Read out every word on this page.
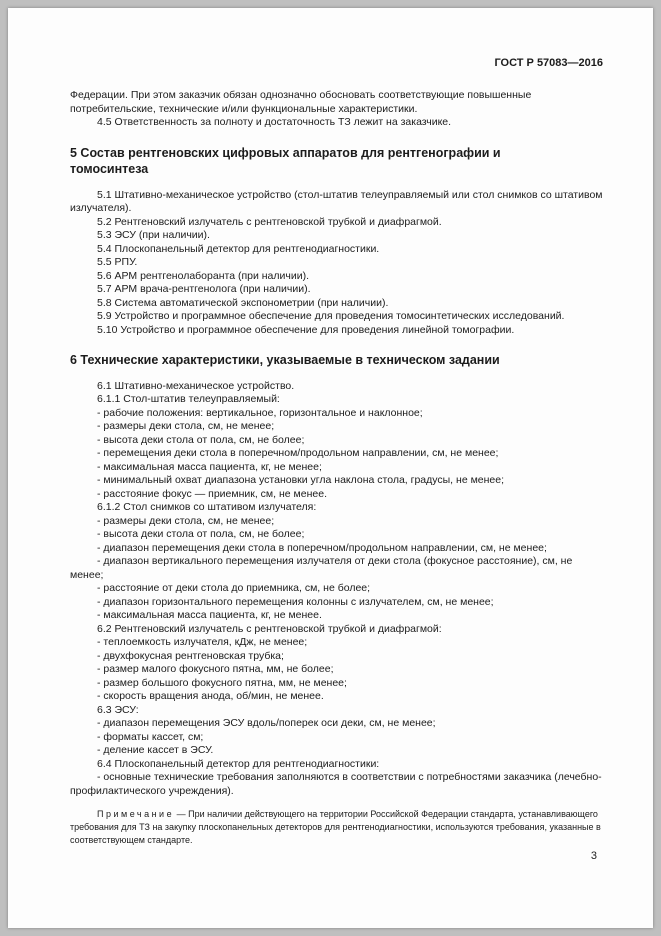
ГОСТ Р 57083—2016

Федерации. При этом заказчик обязан однозначно обосновать соответствующие повышенные потребительские, технические и/или функциональные характеристики.

4.5 Ответственность за полноту и достаточность ТЗ лежит на заказчике.

5 Состав рентгеновских цифровых аппаратов для рентгенографии и томосинтеза

5.1 Штативно-механическое устройство (стол-штатив телеуправляемый или стол снимков со штативом излучателя).

5.2 Рентгеновский излучатель с рентгеновской трубкой и диафрагмой.

5.3 ЭСУ (при наличии).

5.4 Плоскопанельный детектор для рентгенодиагностики.

5.5 РПУ.

5.6 АРМ рентгенолаборанта (при наличии).

5.7 АРМ врача-рентгенолога (при наличии).

5.8 Система автоматической экспонометрии (при наличии).

5.9 Устройство и программное обеспечение для проведения томосинтетических исследований.

5.10 Устройство и программное обеспечение для проведения линейной томографии.

6 Технические характеристики, указываемые в техническом задании

6.1 Штативно-механическое устройство.

6.1.1 Стол-штатив телеуправляемый:

- рабочие положения: вертикальное, горизонтальное и наклонное;

- размеры деки стола, см, не менее;

- высота деки стола от пола, см, не более;

- перемещения деки стола в поперечном/продольном направлении, см, не менее;

- максимальная масса пациента, кг, не менее;

- минимальный охват диапазона установки угла наклона стола, градусы, не менее;

- расстояние фокус — приемник, см, не менее.

6.1.2 Стол снимков со штативом излучателя:

- размеры деки стола, см, не менее;

- высота деки стола от пола, см, не более;

- диапазон перемещения деки стола в поперечном/продольном направлении, см, не менее;

- диапазон вертикального перемещения излучателя от деки стола (фокусное расстояние), см, не менее;

- расстояние от деки стола до приемника, см, не более;

- диапазон горизонтального перемещения колонны с излучателем, см, не менее;

- максимальная масса пациента, кг, не менее.

6.2 Рентгеновский излучатель с рентгеновской трубкой и диафрагмой:

- теплоемкость излучателя, кДж, не менее;

- двухфокусная рентгеновская трубка;

- размер малого фокусного пятна, мм, не более;

- размер большого фокусного пятна, мм, не менее;

- скорость вращения анода, об/мин, не менее.

6.3 ЭСУ:

- диапазон перемещения ЭСУ вдоль/поперек оси деки, см, не менее;

- форматы кассет, см;

- деление кассет в ЭСУ.

6.4 Плоскопанельный детектор для рентгенодиагностики:

- основные технические требования заполняются в соответствии с потребностями заказчика (лечебно-профилактического учреждения).

Примечание — При наличии действующего на территории Российской Федерации стандарта, устанавливающего требования для ТЗ на закупку плоскопанельных детекторов для рентгенодиагностики, используются требования, указанные в соответствующем стандарте.

3
